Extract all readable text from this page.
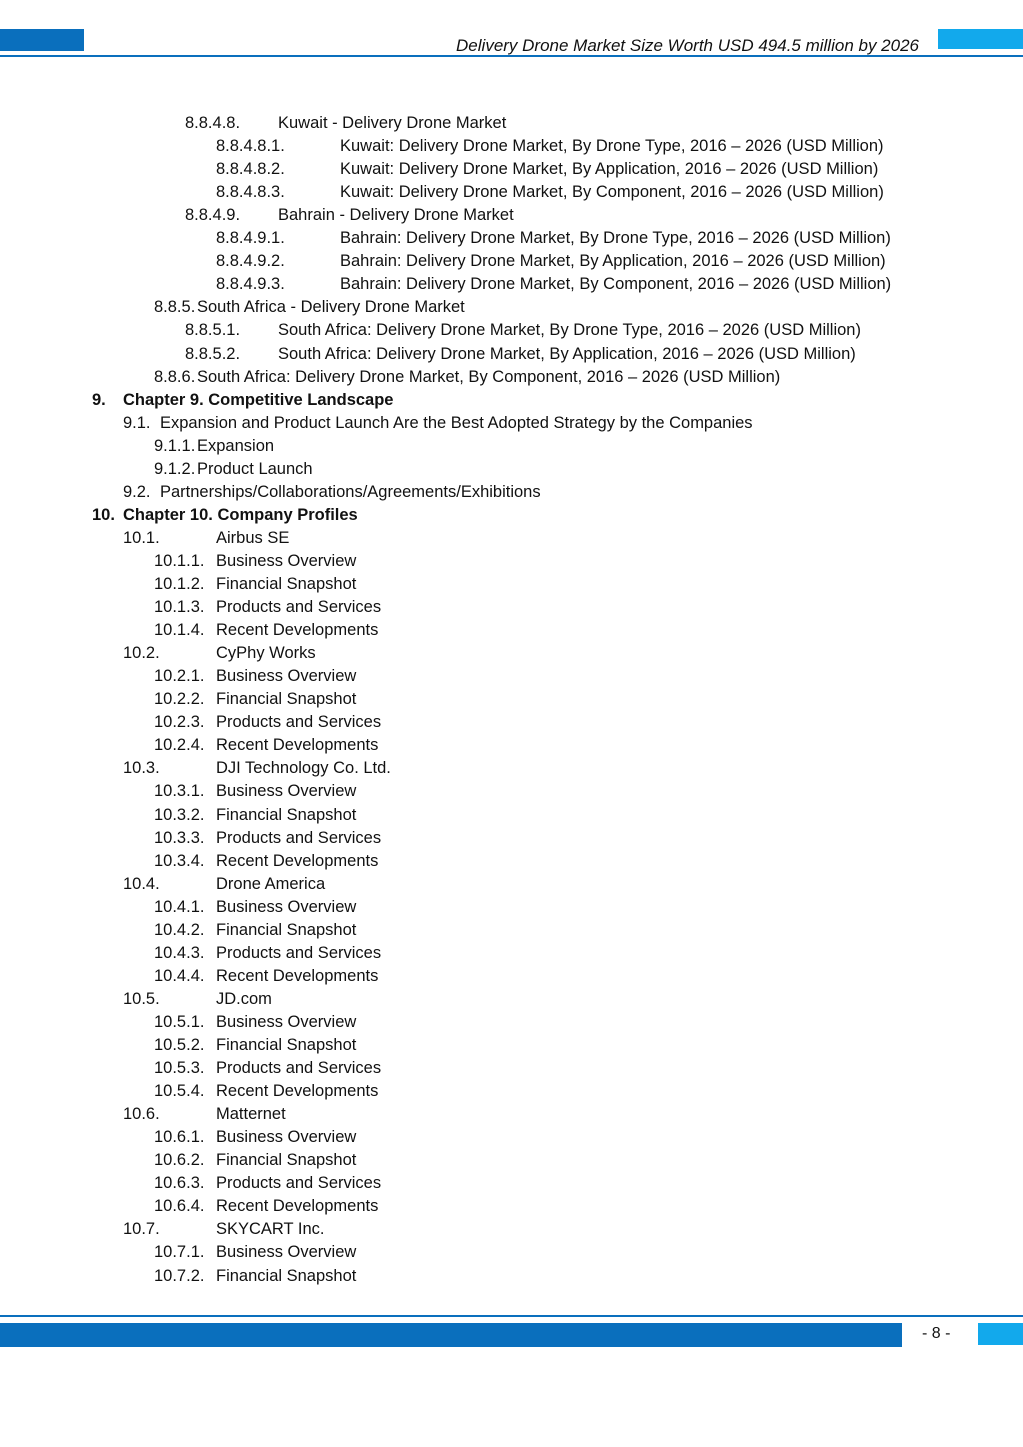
Delivery Drone Market Size Worth USD 494.5 million by 2026
8.8.4.8. Kuwait - Delivery Drone Market
8.8.4.8.1.	Kuwait: Delivery Drone Market, By Drone Type, 2016 – 2026 (USD Million)
8.8.4.8.2.	Kuwait: Delivery Drone Market, By Application, 2016 – 2026 (USD Million)
8.8.4.8.3.	Kuwait: Delivery Drone Market, By Component, 2016 – 2026 (USD Million)
8.8.4.9. Bahrain - Delivery Drone Market
8.8.4.9.1.	Bahrain: Delivery Drone Market, By Drone Type, 2016 – 2026 (USD Million)
8.8.4.9.2.	Bahrain: Delivery Drone Market, By Application, 2016 – 2026 (USD Million)
8.8.4.9.3.	Bahrain: Delivery Drone Market, By Component, 2016 – 2026 (USD Million)
8.8.5. South Africa - Delivery Drone Market
8.8.5.1. South Africa: Delivery Drone Market, By Drone Type, 2016 – 2026 (USD Million)
8.8.5.2. South Africa: Delivery Drone Market, By Application, 2016 – 2026 (USD Million)
8.8.6. South Africa: Delivery Drone Market, By Component, 2016 – 2026 (USD Million)
9. Chapter 9. Competitive Landscape
9.1. Expansion and Product Launch Are the Best Adopted Strategy by the Companies
9.1.1. Expansion
9.1.2. Product Launch
9.2. Partnerships/Collaborations/Agreements/Exhibitions
10. Chapter 10. Company Profiles
10.1.	Airbus SE
10.1.1. Business Overview
10.1.2. Financial Snapshot
10.1.3. Products and Services
10.1.4. Recent Developments
10.2.	CyPhy Works
10.2.1. Business Overview
10.2.2. Financial Snapshot
10.2.3. Products and Services
10.2.4. Recent Developments
10.3.	DJI Technology Co. Ltd.
10.3.1. Business Overview
10.3.2. Financial Snapshot
10.3.3. Products and Services
10.3.4. Recent Developments
10.4.	Drone America
10.4.1. Business Overview
10.4.2. Financial Snapshot
10.4.3. Products and Services
10.4.4. Recent Developments
10.5.	JD.com
10.5.1. Business Overview
10.5.2. Financial Snapshot
10.5.3. Products and Services
10.5.4. Recent Developments
10.6.	Matternet
10.6.1. Business Overview
10.6.2. Financial Snapshot
10.6.3. Products and Services
10.6.4. Recent Developments
10.7.	SKYCART Inc.
10.7.1. Business Overview
10.7.2. Financial Snapshot
- 8 -
